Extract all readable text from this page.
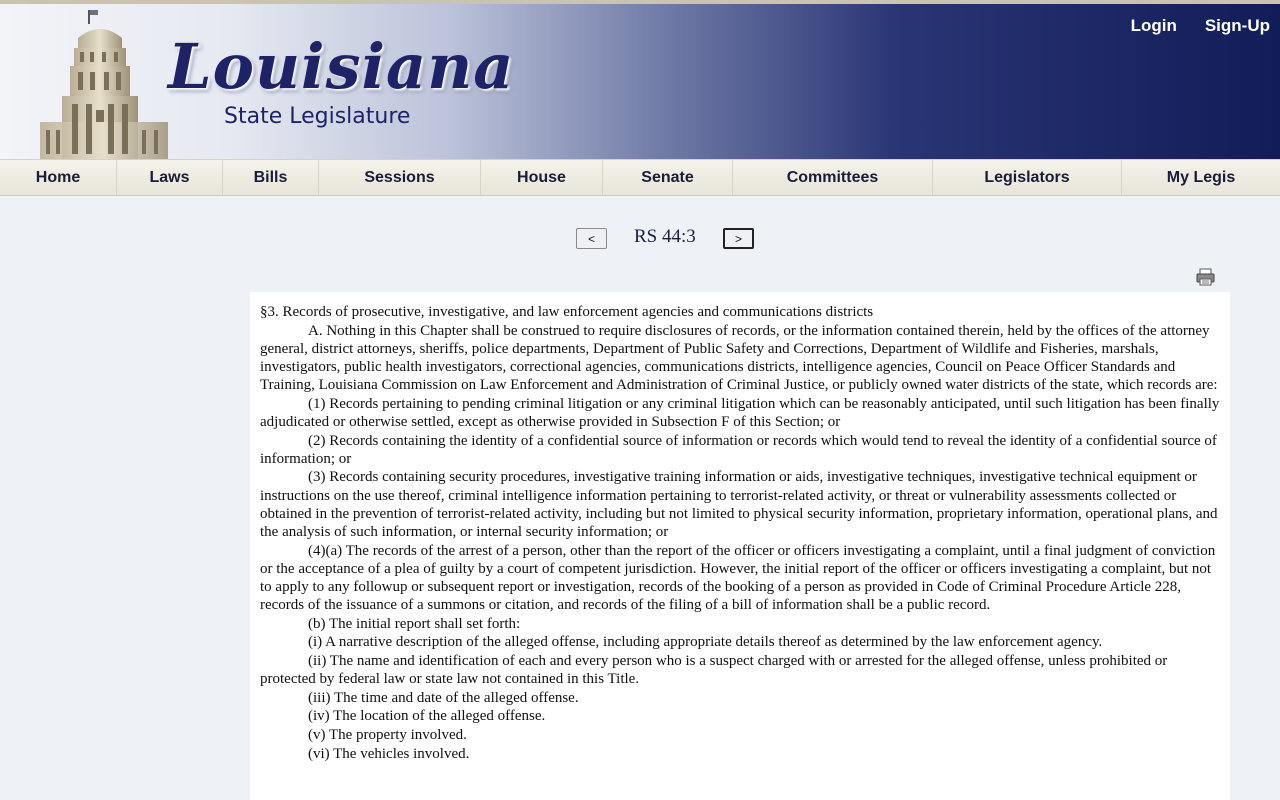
Louisiana
State Legislature
Login Sign-Up
Home	Laws	Bills	Sessions	House	Senate	Committees	Legislators	My Legis
<	RS 44:3	>

§3. Records of prosecutive, investigative, and law enforcement agencies and communications districts

A. Nothing in this Chapter shall be construed to require disclosures of records, or the information contained therein, held by the offices of the attorney general, district attorneys, sheriffs, police departments, Department of Public Safety and Corrections, Department of Wildlife and Fisheries, marshals, investigators, public health investigators, correctional agencies, communications districts, intelligence agencies, Council on Peace Officer Standards and Training, Louisiana Commission on Law Enforcement and Administration of Criminal Justice, or publicly owned water districts of the state, which records are:

(1) Records pertaining to pending criminal litigation or any criminal litigation which can be reasonably anticipated, until such litigation has been finally adjudicated or otherwise settled, except as otherwise provided in Subsection F of this Section; or

(2) Records containing the identity of a confidential source of information or records which would tend to reveal the identity of a confidential source of information; or

(3) Records containing security procedures, investigative training information or aids, investigative techniques, investigative technical equipment or instructions on the use thereof, criminal intelligence information pertaining to terrorist-related activity, or threat or vulnerability assessments collected or obtained in the prevention of terrorist-related activity, including but not limited to physical security information, proprietary information, operational plans, and the analysis of such information, or internal security information; or

(4)(a) The records of the arrest of a person, other than the report of the officer or officers investigating a complaint, until a final judgment of conviction or the acceptance of a plea of guilty by a court of competent jurisdiction. However, the initial report of the officer or officers investigating a complaint, but not to apply to any followup or subsequent report or investigation, records of the booking of a person as provided in Code of Criminal Procedure Article 228, records of the issuance of a summons or citation, and records of the filing of a bill of information shall be a public record.

(b) The initial report shall set forth:

(i) A narrative description of the alleged offense, including appropriate details thereof as determined by the law enforcement agency.

(ii) The name and identification of each and every person who is a suspect charged with or arrested for the alleged offense, unless prohibited or protected by federal law or state law not contained in this Title.

(iii) The time and date of the alleged offense.

(iv) The location of the alleged offense.

(v) The property involved.

(vi) The vehicles involved.
